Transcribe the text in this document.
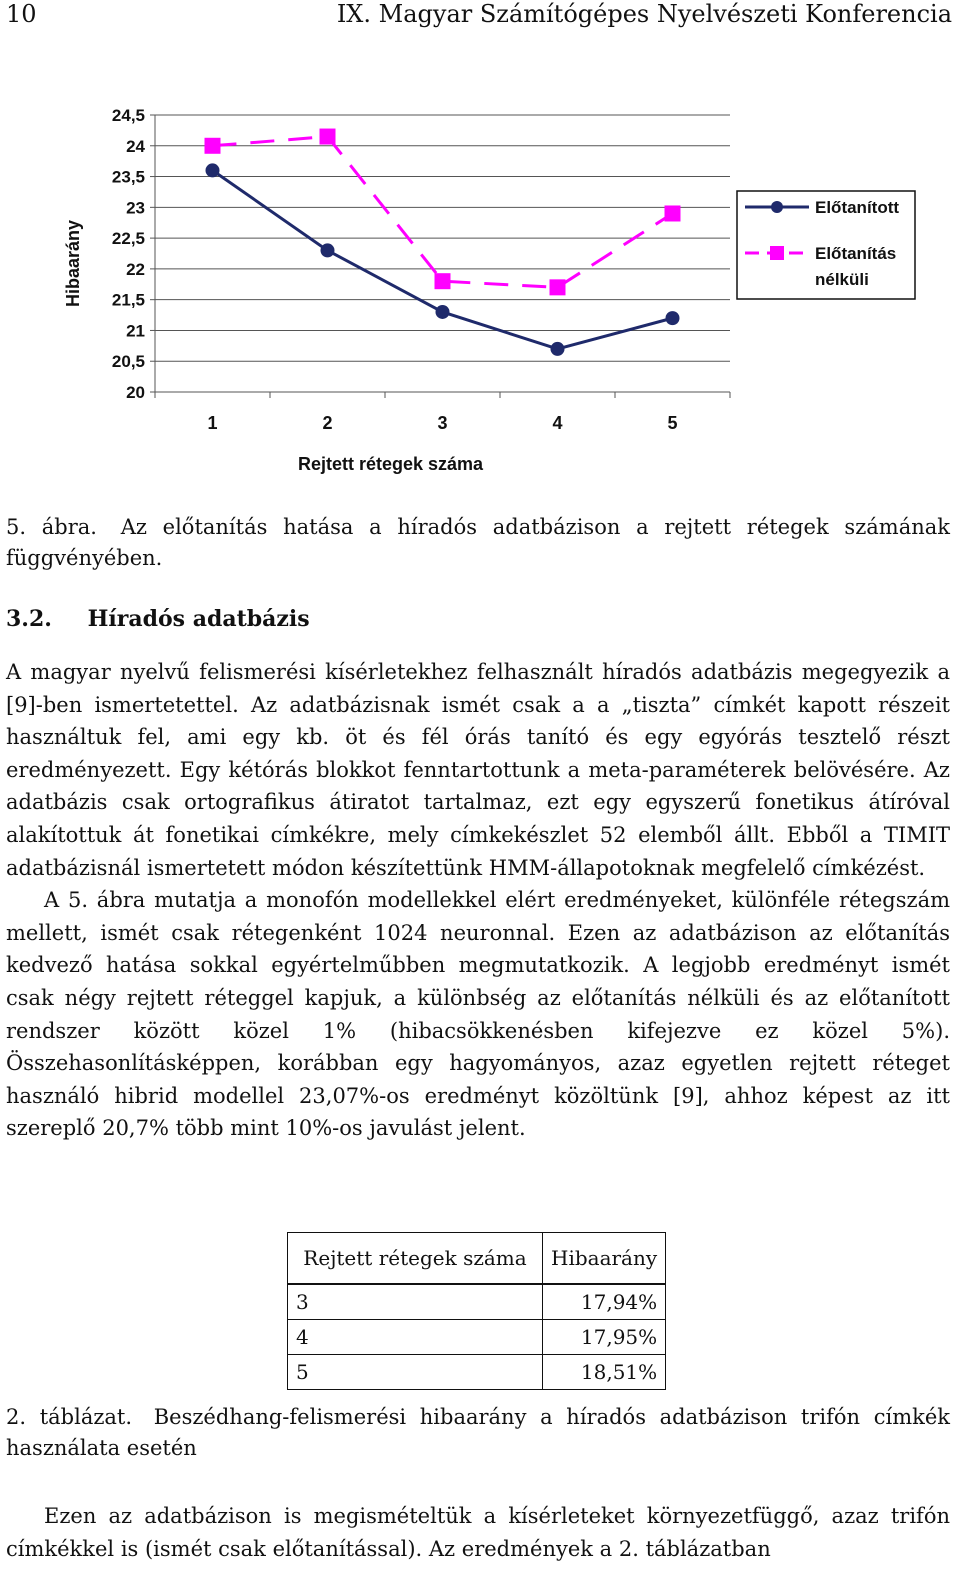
10	IX. Magyar Számítógépes Nyelvészeti Konferencia
20
20,5
21
21,5
22
22,5
23
23,5
24
24,5
1	2	3	4	5
Rejtett rétegek száma
Hibaarány
Előtanított
Előtanítás nélküli
5. ábra. Az előtanítás hatása a híradós adatbázison a rejtett rétegek számának függvényében.
3.2. Híradós adatbázis

A magyar nyelvű felismerési kísérletekhez felhasznált híradós adatbázis megegyezik a [9]-ben ismertetettel. Az adatbázisnak ismét csak a a „tiszta” címkét kapott részeit használtuk fel, ami egy kb. öt és fél órás tanító és egy egyórás tesztelő részt eredményezett. Egy kétórás blokkot fenntartottunk a meta-paraméterek belövésére. Az adatbázis csak ortografikus átiratot tartalmaz, ezt egy egyszerű fonetikus átíróval alakítottuk át fonetikai címkékre, mely címkekészlet 52 elemből állt. Ebből a TIMIT adatbázisnál ismertetett módon készítettünk HMM-állapotoknak megfelelő címkézést.

A 5. ábra mutatja a monofón modellekkel elért eredményeket, különféle rétegszám mellett, ismét csak rétegenként 1024 neuronnal. Ezen az adatbázison az előtanítás kedvező hatása sokkal egyértelműbben megmutatkozik. A legjobb eredményt ismét csak négy rejtett réteggel kapjuk, a különbség az előtanítás nélküli és az előtanított rendszer között közel 1% (hibacsökkenésben kifejezve ez közel 5%). Összehasonlításképpen, korábban egy hagyományos, azaz egyetlen rejtett réteget használó hibrid modellel 23,07%-os eredményt közöltünk [9], ahhoz képest az itt szereplő 20,7% több mint 10%-os javulást jelent.

Rejtett rétegek száma	Hibaarány
3	17,94%
4	17,95%
5	18,51%
2. táblázat. Beszédhang-felismerési hibaarány a híradós adatbázison trifón címkék használata esetén

Ezen az adatbázison is megismételtük a kísérleteket környezetfüggő, azaz trifón címkékkel is (ismét csak előtanítással). Az eredmények a 2. táblázatban
